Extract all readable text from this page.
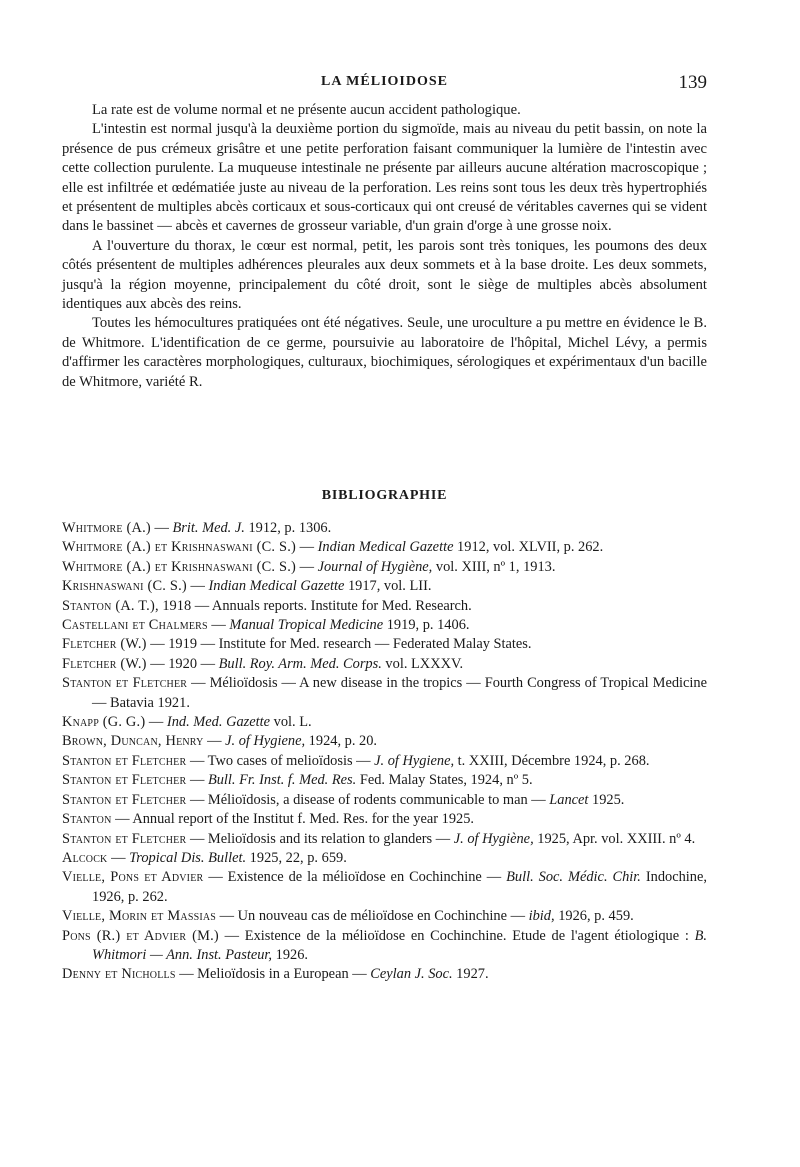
LA MÉLIOIDOSE	139

La rate est de volume normal et ne présente aucun accident pathologique.

L'intestin est normal jusqu'à la deuxième portion du sigmoïde, mais au niveau du petit bassin, on note la présence de pus crémeux grisâtre et une petite perforation faisant communiquer la lumière de l'intestin avec cette collection purulente. La muqueuse intestinale ne présente par ailleurs aucune altération macroscopique ; elle est infiltrée et œdématiée juste au niveau de la perforation. Les reins sont tous les deux très hypertrophiés et présentent de multiples abcès corticaux et sous-corticaux qui ont creusé de véritables cavernes qui se vident dans le bassinet — abcès et cavernes de grosseur variable, d'un grain d'orge à une grosse noix.

A l'ouverture du thorax, le cœur est normal, petit, les parois sont très toniques, les poumons des deux côtés présentent de multiples adhérences pleurales aux deux sommets et à la base droite. Les deux sommets, jusqu'à la région moyenne, principalement du côté droit, sont le siège de multiples abcès absolument identiques aux abcès des reins.

Toutes les hémocultures pratiquées ont été négatives. Seule, une uroculture a pu mettre en évidence le B. de Whitmore. L'identification de ce germe, poursuivie au laboratoire de l'hôpital, Michel Lévy, a permis d'affirmer les caractères morphologiques, culturaux, biochimiques, sérologiques et expérimentaux d'un bacille de Whitmore, variété R.

BIBLIOGRAPHIE
Whitmore (A.) — Brit. Med. J. 1912, p. 1306.
Whitmore (A.) et Krishnaswani (C. S.) — Indian Medical Gazette 1912, vol. XLVII, p. 262.
Whitmore (A.) et Krishnaswani (C. S.) — Journal of Hygiène, vol. XIII, nº 1, 1913.
Krishnaswani (C. S.) — Indian Medical Gazette 1917, vol. LII.
Stanton (A. T.), 1918 — Annuals reports. Institute for Med. Research.
Castellani et Chalmers — Manual Tropical Medicine 1919, p. 1406.
Fletcher (W.) — 1919 — Institute for Med. research — Federated Malay States.
Fletcher (W.) — 1920 — Bull. Roy. Arm. Med. Corps. vol. LXXXV.
Stanton et Fletcher — Mélioïdosis — A new disease in the tropics — Fourth Congress of Tropical Medicine — Batavia 1921.
Knapp (G. G.) — Ind. Med. Gazette vol. L.
Brown, Duncan, Henry — J. of Hygiene, 1924, p. 20.
Stanton et Fletcher — Two cases of melioïdosis — J. of Hygiene, t. XXIII, Décembre 1924, p. 268.
Stanton et Fletcher — Bull. Fr. Inst. f. Med. Res. Fed. Malay States, 1924, nº 5.
Stanton et Fletcher — Mélioïdosis, a disease of rodents communicable to man — Lancet 1925.
Stanton — Annual report of the Institut f. Med. Res. for the year 1925.
Stanton et Fletcher — Melioïdosis and its relation to glanders — J. of Hygiène, 1925, Apr. vol. XXIII. nº 4.
Alcock — Tropical Dis. Bullet. 1925, 22, p. 659.
Vielle, Pons et Advier — Existence de la mélioïdose en Cochinchine — Bull. Soc. Médic. Chir. Indochine, 1926, p. 262.
Vielle, Morin et Massias — Un nouveau cas de mélioïdose en Cochinchine — ibid, 1926, p. 459.
Pons (R.) et Advier (M.) — Existence de la mélioïdose en Cochinchine. Etude de l'agent étiologique : B. Whitmori — Ann. Inst. Pasteur, 1926.
Denny et Nicholls — Melioïdosis in a European — Ceylan J. Soc. 1927.
